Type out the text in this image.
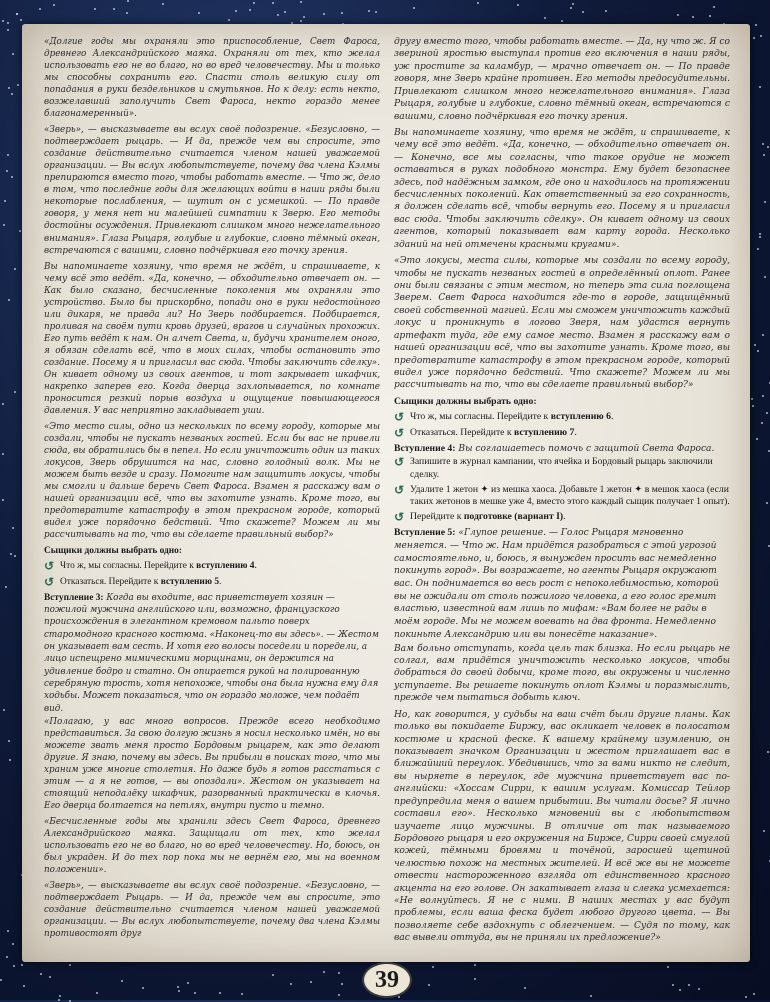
«Долгие годы мы охраняли это приспособление, Свет Фароса, древнего Александрийского маяка. Охраняли от тех, кто желал использовать его не во благо, но во вред человечеству. Мы и только мы способны сохранить его. Спасти столь великую силу от попадания в руки бездельников и смутьянов. Но к делу: есть некто, возжелавший заполучить Свет Фароса, некто гораздо менее благонамеренный».

«Зверь», — высказываете вы вслух своё подозрение. «Безусловно, — подтверждает рыцарь. — И да, прежде чем вы спросите, это создание действительно считается членом нашей уважаемой организации. — Вы вслух любопытствуете, почему два члена Кэлмы препираются вместо того, чтобы работать вместе. — Что ж, дело в том, что последние годы для желающих войти в наши ряды были некоторые послабления, — шутит он с усмешкой. — По правде говоря, у меня нет ни малейшей симпатии к Зверю. Его методы достойны осуждения. Привлекают слишком много нежелательного внимания». Глаза Рыцаря, голубые и глубокие, словно тёмный океан, встречаются с вашими, словно подчёркивая его точку зрения.

Вы напоминаете хозяину, что время не ждёт, и спрашиваете, к чему всё это ведёт. «Да, конечно, — обходительно отвечает он. — Как было сказано, бесчисленные поколения мы охраняли это устройство. Было бы прискорбно, попади оно в руки недостойного или дикаря, не правда ли? Но Зверь подбирается. Подбирается, проливая на своём пути кровь друзей, врагов и случайных прохожих. Его путь ведёт к нам. Он алчет Света, и, будучи хранителем оного, я обязан сделать всё, что в моих силах, чтобы остановить это создание. Посему я и пригласил вас сюда. Чтобы заключить сделку». Он кивает одному из своих агентов, и тот закрывает шкафчик, накрепко заперев его. Когда дверца захлопывается, по комнате проносится резкий порыв воздуха и ощущение повышающегося давления. У вас неприятно закладывает уши.

«Это место силы, одно из нескольких по всему городу, которые мы создали, чтобы не пускать незваных гостей. Если бы вас не привели сюда, вы обратились бы в пепел. Но если уничтожить один из таких локусов, Зверь обрушится на нас, словно голодный волк. Мы не можем быть везде и сразу. Помогите нам защитить локусы, чтобы мы смогли и дальше беречь Свет Фароса. Взамен я расскажу вам о нашей организации всё, что вы захотите узнать. Кроме того, вы предотвратите катастрофу в этом прекрасном городе, который видел уже порядочно бедствий. Что скажете? Можем ли мы рассчитывать на то, что вы сделаете правильный выбор?»

Сыщики должны выбрать одно:
↺ Что ж, мы согласны. Перейдите к вступлению 4.
↺ Отказаться. Перейдите к вступлению 5.
Вступление 3: Когда вы входите, вас приветствует хозяин — пожилой мужчина английского или, возможно, французского происхождения в элегантном кремовом пальто поверх старомодного красного костюма. «Наконец-то вы здесь». — Жестом он указывает вам сесть. И хотя его волосы поседели и поредели, а лицо испещрено мимическими морщинами, он держится на удивление бодро и статно. Он опирается рукой на полированную серебряную трость, хотя непохоже, чтобы она была нужна ему для ходьбы. Может показаться, что он гораздо моложе, чем подаёт вид.

«Полагаю, у вас много вопросов. Прежде всего необходимо представиться. За свою долгую жизнь я носил несколько имён, но вы можете звать меня просто Бордовым рыцарем, как это делают другие. Я знаю, почему вы здесь. Вы прибыли в поисках того, что мы храним уже многие столетия. Но даже будь я готов расстаться с этим — а я не готов, — вы опоздали». Жестом он указывает на стоящий неподалёку шкафчик, разорванный практически в клочья. Его дверца болтается на петлях, внутри пусто и темно.

«Бесчисленные годы мы хранили здесь Свет Фароса, древнего Александрийского маяка. Защищали от тех, кто желал использовать его не во благо, но во вред человечеству. Но, боюсь, он был украден. И до тех пор пока мы не вернём его, мы на военном положении».

«Зверь», — высказываете вы вслух своё подозрение. «Безусловно, — подтверждает Рыцарь. — И да, прежде чем вы спросите, это создание действительно считается членом нашей уважаемой организации. — Вы вслух любопытствуете, почему два члена Кэлмы противостоят друг

другу вместо того, чтобы работать вместе. — Да, ну что ж. Я со звериной яростью выступал против его включения в наши ряды, уж простите за каламбур, — мрачно отвечает он. — По правде говоря, мне Зверь крайне противен. Его методы предосудительны. Привлекают слишком много нежелательного внимания». Глаза Рыцаря, голубые и глубокие, словно тёмный океан, встречаются с вашими, словно подчёркивая его точку зрения.

Вы напоминаете хозяину, что время не ждёт, и спрашиваете, к чему всё это ведёт. «Да, конечно, — обходительно отвечает он. — Конечно, все мы согласны, что такое орудие не может оставаться в руках подобного монстра. Ему будет безопаснее здесь, под надёжным замком, где оно и находилось на протяжении бесчисленных поколений. Как ответственный за его сохранность, я должен сделать всё, чтобы вернуть его. Посему я и пригласил вас сюда. Чтобы заключить сделку». Он кивает одному из своих агентов, который показывает вам карту города. Несколько зданий на ней отмечены красными кругами».

«Это локусы, места силы, которые мы создали по всему городу, чтобы не пускать незваных гостей в определённый оплот. Ранее они были связаны с этим местом, но теперь эта сила поглощена Зверем. Свет Фароса находится где-то в городе, защищённый своей собственной магией. Если мы сможем уничтожить каждый локус и проникнуть в логово Зверя, нам удастся вернуть артефакт туда, где ему самое место. Взамен я расскажу вам о нашей организации всё, что вы захотите узнать. Кроме того, вы предотвратите катастрофу в этом прекрасном городе, который видел уже порядочно бедствий. Что скажете? Можем ли мы рассчитывать на то, что вы сделаете правильный выбор?»

Сыщики должны выбрать одно:
↺ Что ж, мы согласны. Перейдите к вступлению 6.
↺ Отказаться. Перейдите к вступлению 7.
Вступление 4: Вы соглашаетесь помочь с защитой Света Фароса.
↺ Запишите в журнал кампании, что ячейка и Бордовый рыцарь заключили сделку.
↺ Удалите 1 жетон ✦ из мешка хаоса. Добавьте 1 жетон ✦ в мешок хаоса (если таких жетонов в мешке уже 4, вместо этого каждый сыщик получает 1 опыт).
↺ Перейдите к подготовке (вариант I).
Вступление 5: «Глупое решение. — Голос Рыцаря мгновенно меняется. — Что ж. Нам придётся разобраться с этой угрозой самостоятельно, и, боюсь, я вынужден просить вас немедленно покинуть город». Вы возражаете, но агенты Рыцаря окружают вас. Он поднимается во весь рост с непоколебимостью, которой вы не ожидали от столь пожилого человека, а его голос гремит властью, известной вам лишь по мифам: «Вам более не рады в моём городе. Мы не можем воевать на два фронта. Немедленно покиньте Александрию или вы понесёте наказание».

Вам больно отступать, когда цель так близка. Но если рыцарь не солгал, вам придётся уничтожить несколько локусов, чтобы добраться до своей добычи, кроме того, вы окружены и численно уступаете. Вы решаете покинуть оплот Кэлмы и поразмыслить, прежде чем пытаться добыть ключ.

Но, как говорится, у судьбы на ваш счёт были другие планы. Как только вы покидаете Биржу, вас окликает человек в полосатом костюме и красной феске. К вашему крайнему изумлению, он показывает значком Организации и жестом приглашает вас в ближайший переулок. Убедившись, что за вами никто не следит, вы ныряете в переулок, где мужчина приветствует вас по-английски: «Хоссам Сирри, к вашим услугам. Комиссар Тейлор предупредила меня о вашем прибытии. Вы читали досье? Я лично составил его». Несколько мгновений вы с любопытством изучаете лицо мужчины. В отличие от так называемого Бордового рыцаря и его окружения на Бирже, Сирри своей смуглой кожей, тёмными бровями и точёной, заросшей щетиной челюстью похож на местных жителей. И всё же вы не можете отвести настороженного взгляда от единственного красного акцента на его голове. Он закатывает глаза и слегка усмехается: «Не волнуйтесь. Я не с ними. В наших местах у вас будут проблемы, если ваша феска будет любого другого цвета. — Вы позволяете себе вздохнуть с облегчением. — Судя по тому, как вас вывели оттуда, вы не приняли их предложение?»

39
